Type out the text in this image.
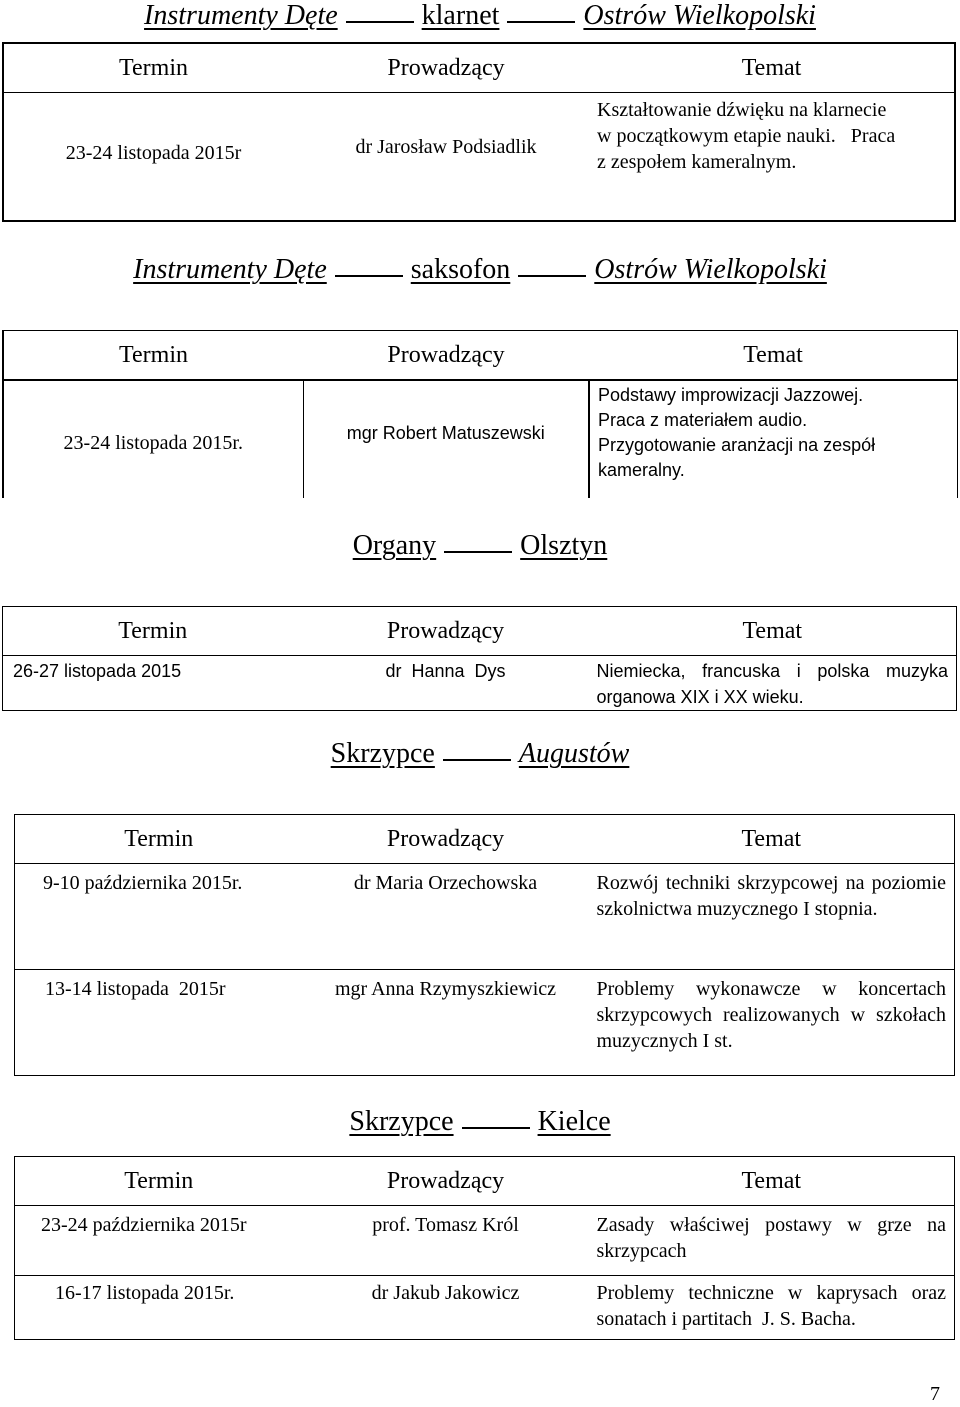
Instrumenty Dęte	klarnet	Ostrów Wielkopolski
Termin	Prowadzący	Temat
23-24 listopada 2015r	dr Jarosław Podsiadlik	Kształtowanie dźwięku na klarnecie
w początkowym etapie nauki.   Praca
z zespołem kameralnym.
Instrumenty Dęte	saksofon	Ostrów Wielkopolski
Termin	Prowadzący	Temat
23-24 listopada 2015r.	mgr Robert Matuszewski	Podstawy improwizacji Jazzowej.
Praca z materiałem audio.
Przygotowanie aranżacji na zespół
kameralny.
Organy	Olsztyn
Termin	Prowadzący	Temat
26-27 listopada 2015	dr  Hanna  Dys	Niemiecka, francuska i polska muzyka organowa XIX i XX wieku.
Skrzypce	Augustów
Termin	Prowadzący	Temat
9-10 października 2015r.	dr Maria Orzechowska	Rozwój techniki skrzypcowej na poziomie szkolnictwa muzycznego I stopnia.
13-14 listopada  2015r	mgr Anna Rzymyszkiewicz	Problemy wykonawcze w koncertach skrzypcowych realizowanych w szkołach muzycznych I st.
Skrzypce	Kielce
Termin	Prowadzący	Temat
23-24 października 2015r	prof. Tomasz Król	Zasady właściwej postawy w grze na skrzypcach
16-17 listopada 2015r.	dr Jakub Jakowicz	Problemy techniczne w kaprysach oraz sonatach i partitach  J. S. Bacha.
7
